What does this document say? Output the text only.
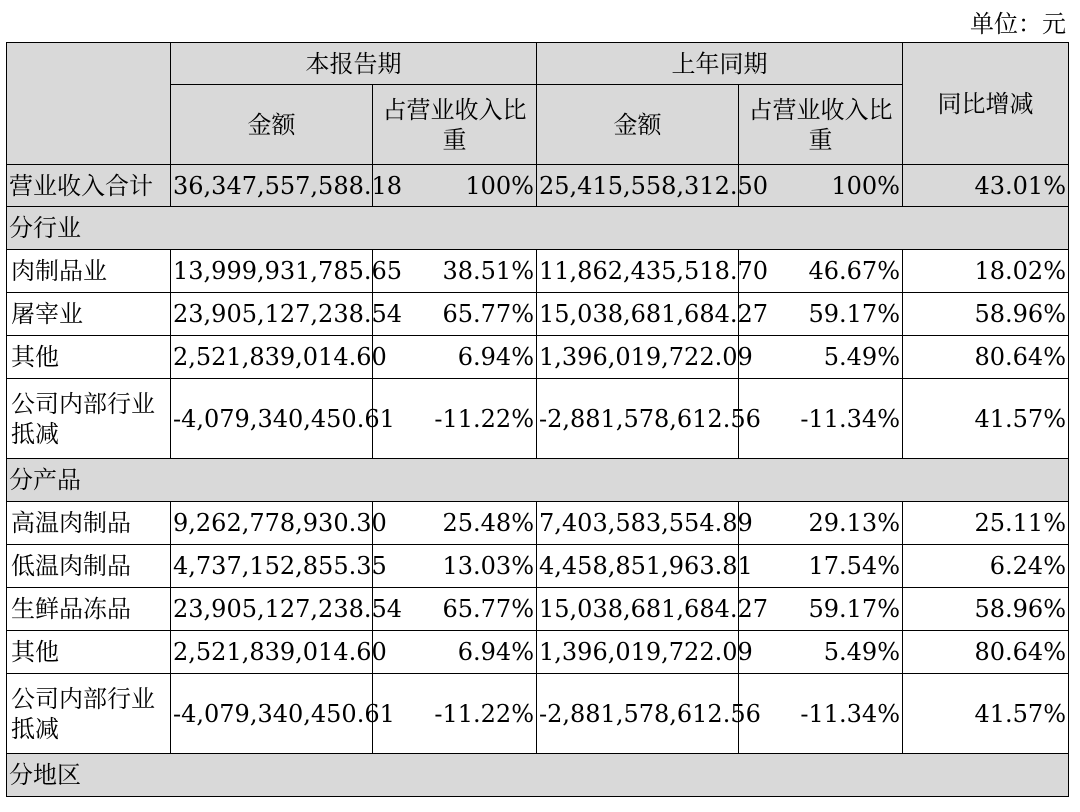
单位：元
	本报告期		上年同期		同比增减
	金额	占营业收入比重	金额	占营业收入比重	
营业收入合计	36,347,557,588.18	100%	25,415,558,312.50	100%	43.01%
分行业					
肉制品业	13,999,931,785.65	38.51%	11,862,435,518.70	46.67%	18.02%
屠宰业	23,905,127,238.54	65.77%	15,038,681,684.27	59.17%	58.96%
其他	2,521,839,014.60	6.94%	1,396,019,722.09	5.49%	80.64%
公司内部行业抵减	-4,079,340,450.61	-11.22%	-2,881,578,612.56	-11.34%	41.57%
分产品					
高温肉制品	9,262,778,930.30	25.48%	7,403,583,554.89	29.13%	25.11%
低温肉制品	4,737,152,855.35	13.03%	4,458,851,963.81	17.54%	6.24%
生鲜品冻品	23,905,127,238.54	65.77%	15,038,681,684.27	59.17%	58.96%
其他	2,521,839,014.60	6.94%	1,396,019,722.09	5.49%	80.64%
公司内部行业抵减	-4,079,340,450.61	-11.22%	-2,881,578,612.56	-11.34%	41.57%
分地区					
